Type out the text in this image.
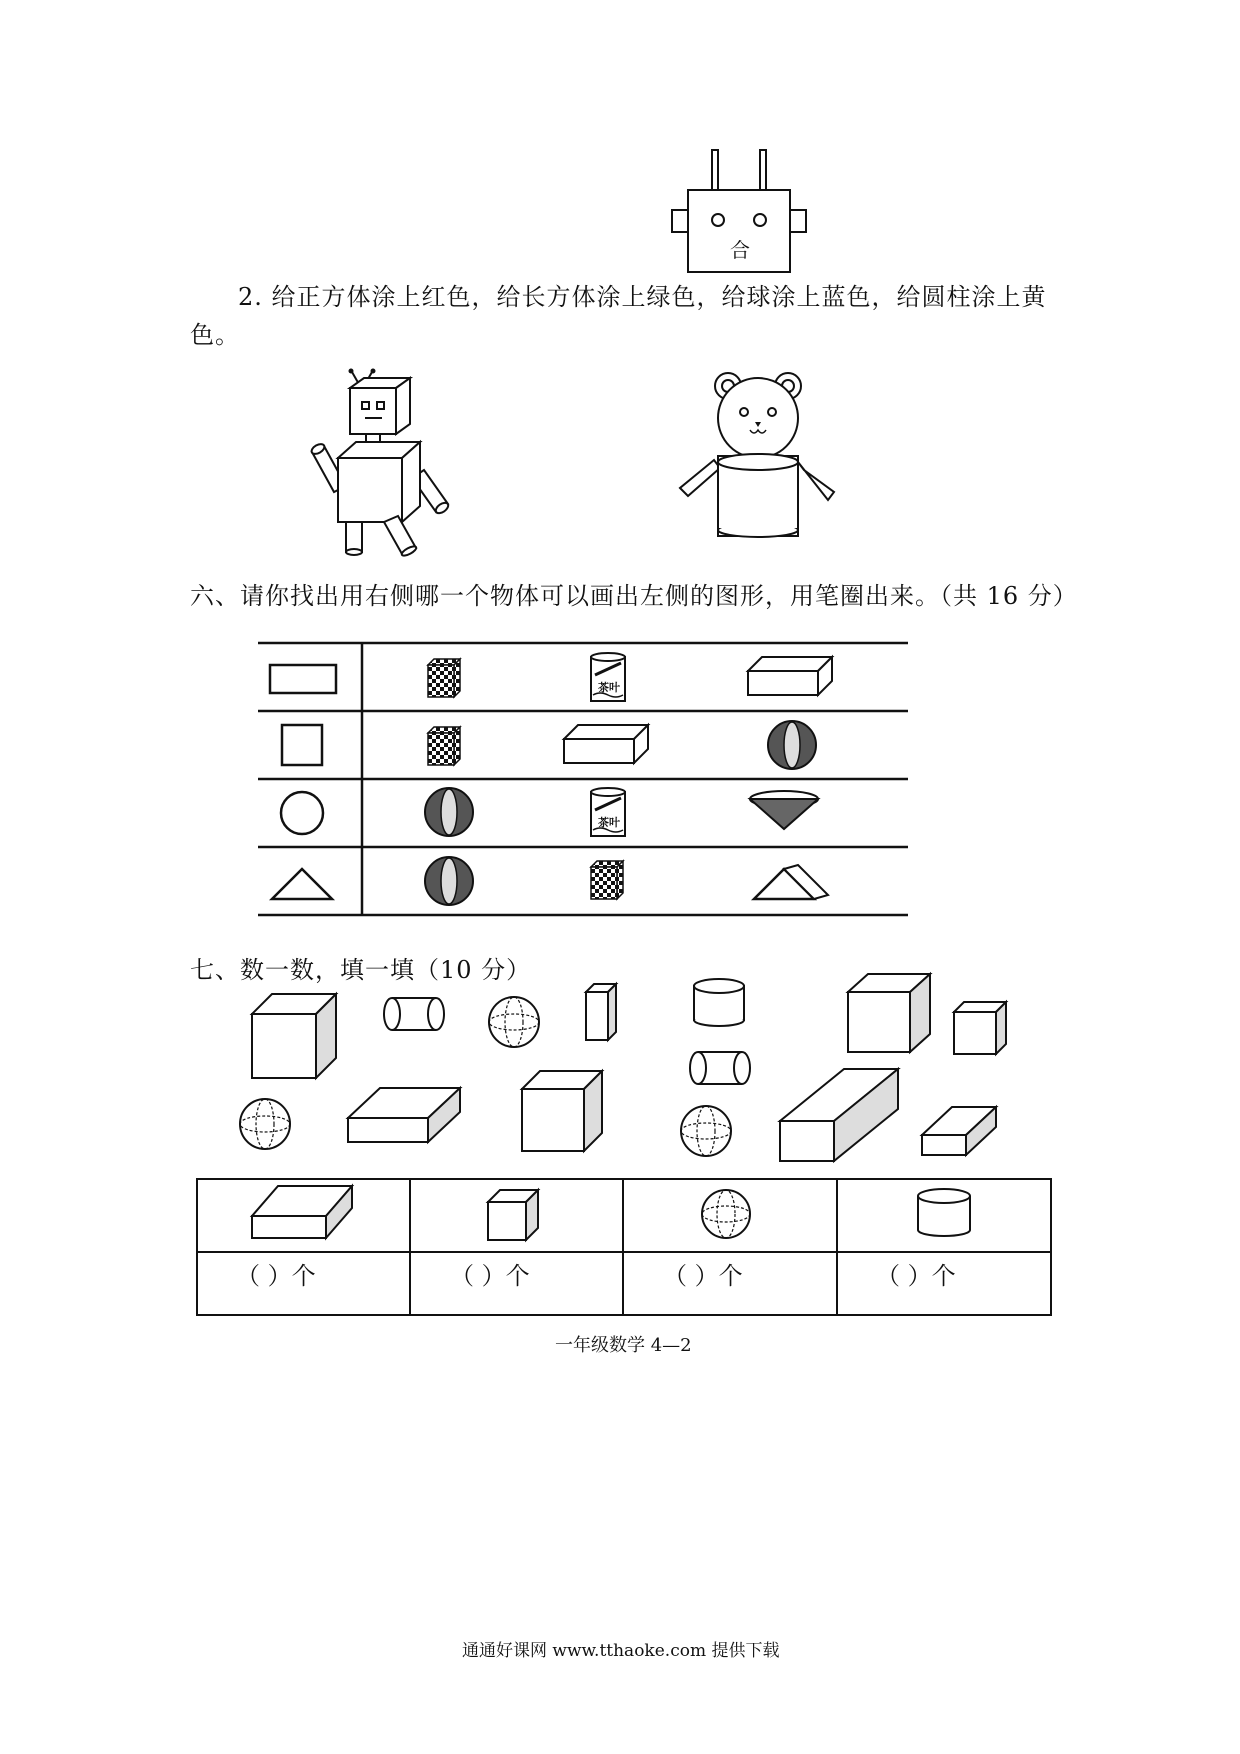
合
2. 给正方体涂上红色，给长方体涂上绿色，给球涂上蓝色，给圆柱涂上黄
色。
六、请你找出用右侧哪一个物体可以画出左侧的图形，用笔圈出来。（共 16 分）
茶叶
茶叶
七、数一数，填一填（10 分）
（ ）个	（ ）个	（ ）个	（ ）个
一年级数学 4—2
通通好课网 www.tthaoke.com 提供下载
